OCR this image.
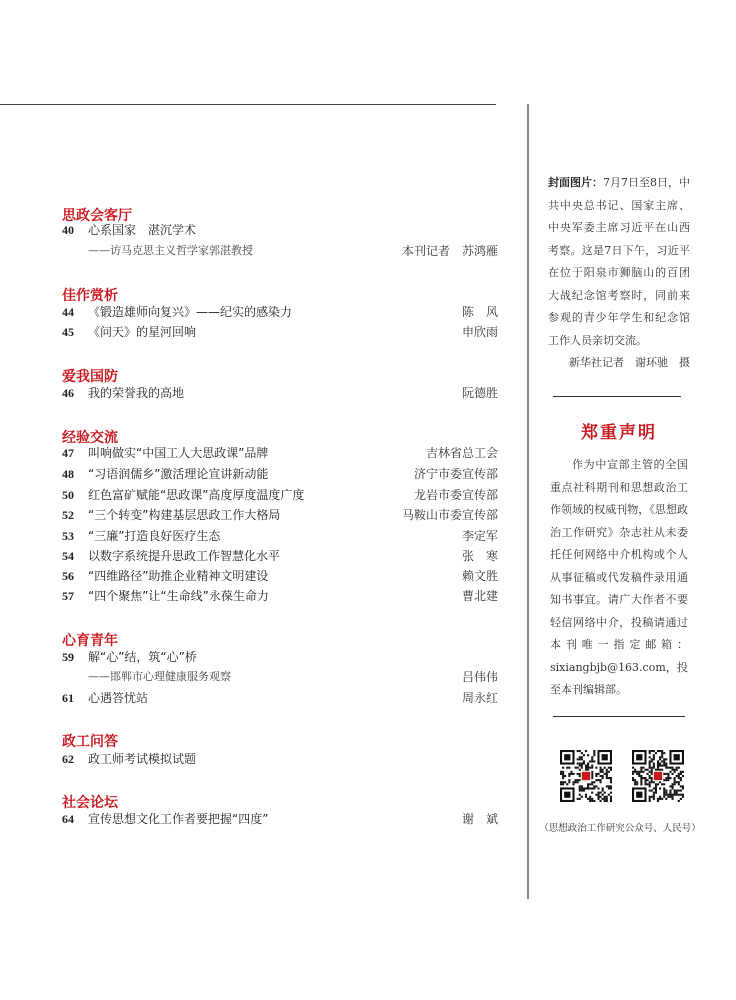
思政会客厅
40	心系国家　湛沉学术
——访马克思主义哲学家郭湛教授	本刊记者　苏鸿雁
佳作赏析
44	《锻造雄师向复兴》——纪实的感染力	陈　风
45	《问天》的星河回响	申欣雨
爱我国防
46	我的荣誉我的高地	阮德胜
经验交流
47	叫响做实“中国工人大思政课”品牌	吉林省总工会
48	“习语润儒乡”激活理论宣讲新动能	济宁市委宣传部
50	红色富矿赋能“思政课”高度厚度温度广度	龙岩市委宣传部
52	“三个转变”构建基层思政工作大格局	马鞍山市委宣传部
53	“三廉”打造良好医疗生态	李定军
54	以数字系统提升思政工作智慧化水平	张　寒
56	“四维路径”助推企业精神文明建设	赖文胜
57	“四个聚焦”让“生命线”永葆生命力	曹北建
心育青年
59	解“心”结，筑“心”桥
——邯郸市心理健康服务观察	吕伟伟
61	心遇答忧站	周永红
政工问答
62	政工师考试模拟试题
社会论坛
64	宣传思想文化工作者要把握“四度”	谢　斌
封面图片：7月7日至8日，中共中央总书记、国家主席、中央军委主席习近平在山西考察。这是7日下午，习近平在位于阳泉市狮脑山的百团大战纪念馆考察时，同前来参观的青少年学生和纪念馆工作人员亲切交流。
新华社记者　谢环驰　摄
郑重声明
作为中宣部主管的全国重点社科期刊和思想政治工作领域的权威刊物，《思想政治工作研究》杂志社从未委托任何网络中介机构或个人从事征稿或代发稿件录用通知书事宜。请广大作者不要轻信网络中介，投稿请通过本刊唯一指定邮箱：sixiangbjb@163.com，投至本刊编辑部。
（思想政治工作研究公众号、人民号）
